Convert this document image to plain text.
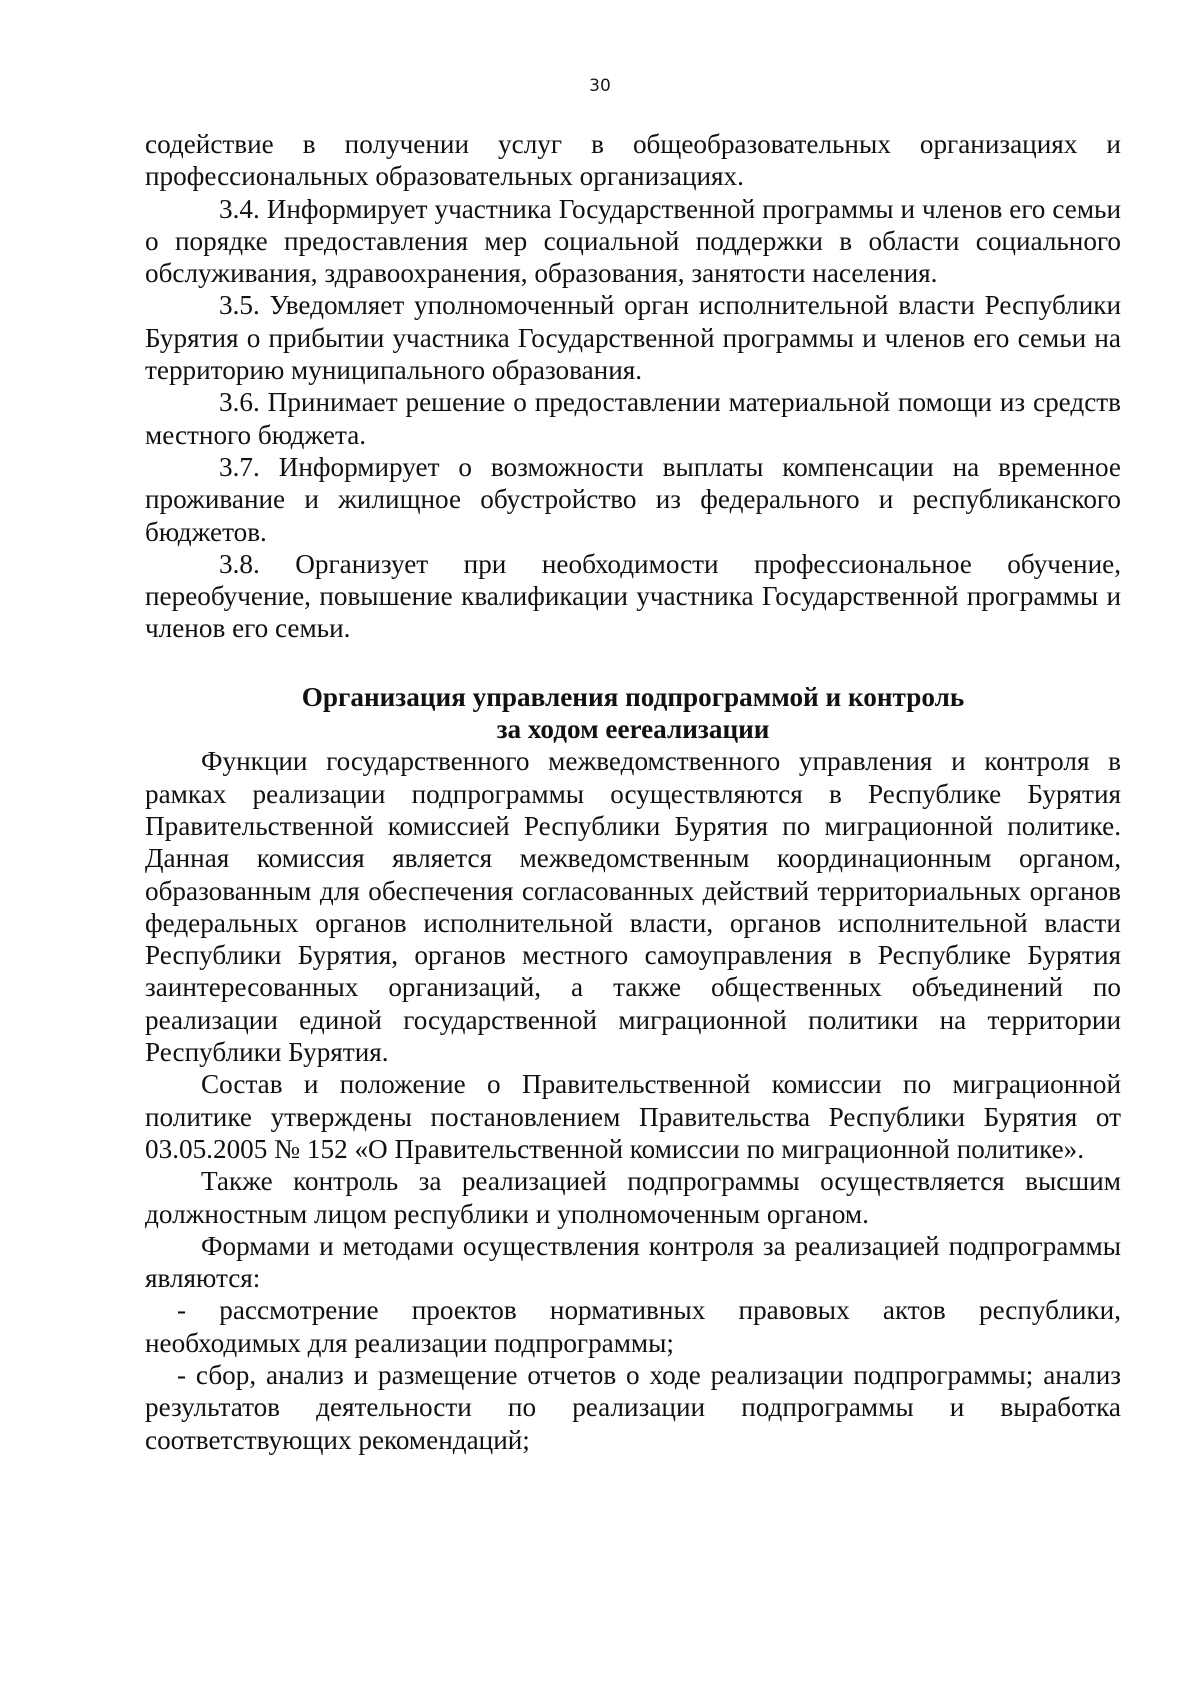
30

содействие в получении услуг в общеобразовательных организациях и профессиональных образовательных организациях.

3.4. Информирует участника Государственной программы и членов его семьи о порядке предоставления мер социальной поддержки в области социального обслуживания, здравоохранения, образования, занятости населения.

3.5. Уведомляет уполномоченный орган исполнительной власти Республики Бурятия о прибытии участника Государственной программы и членов его семьи на территорию муниципального образования.

3.6. Принимает решение о предоставлении материальной помощи из средств местного бюджета.

3.7. Информирует о возможности выплаты компенсации на временное проживание и жилищное обустройство из федерального и республиканского бюджетов.

3.8. Организует при необходимости профессиональное обучение, переобучение, повышение квалификации участника Государственной программы и членов его семьи.

Организация управления подпрограммой и контроль
за ходом ееreализации

Функции государственного межведомственного управления и контроля в рамках реализации подпрограммы осуществляются в Республике Бурятия Правительственной комиссией Республики Бурятия по миграционной политике. Данная комиссия является межведомственным координационным органом, образованным для обеспечения согласованных действий территориальных органов федеральных органов исполнительной власти, органов исполнительной власти Республики Бурятия, органов местного самоуправления в Республике Бурятия заинтересованных организаций, а также общественных объединений по реализации единой государственной миграционной политики на территории Республики Бурятия.

Состав и положение о Правительственной комиссии по миграционной политике утверждены постановлением Правительства Республики Бурятия от 03.05.2005 № 152 «О Правительственной комиссии по миграционной политике».

Также контроль за реализацией подпрограммы осуществляется высшим должностным лицом республики и уполномоченным органом.

Формами и методами осуществления контроля за реализацией подпрограммы являются:

- рассмотрение проектов нормативных правовых актов республики, необходимых для реализации подпрограммы;

- сбор, анализ и размещение отчетов о ходе реализации подпрограммы; анализ результатов деятельности по реализации подпрограммы и выработка соответствующих рекомендаций;
